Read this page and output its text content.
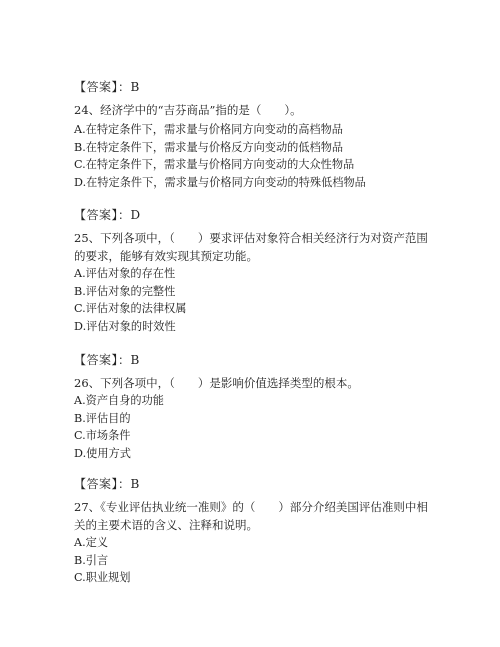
【答案】：B
24、经济学中的“吉芬商品”指的是（　　）。
A.在特定条件下，需求量与价格同方向变动的高档物品
B.在特定条件下，需求量与价格反方向变动的低档物品
C.在特定条件下，需求量与价格同方向变动的大众性物品
D.在特定条件下，需求量与价格同方向变动的特殊低档物品
【答案】：D
25、下列各项中，（　　）要求评估对象符合相关经济行为对资产范围
的要求，能够有效实现其预定功能。
A.评估对象的存在性
B.评估对象的完整性
C.评估对象的法律权属
D.评估对象的时效性
【答案】：B
26、下列各项中，（　　）是影响价值选择类型的根本。
A.资产自身的功能
B.评估目的
C.市场条件
D.使用方式
【答案】：B
27、《专业评估执业统一准则》的（　　）部分介绍美国评估准则中相
关的主要术语的含义、注释和说明。
A.定义
B.引言
C.职业规划
